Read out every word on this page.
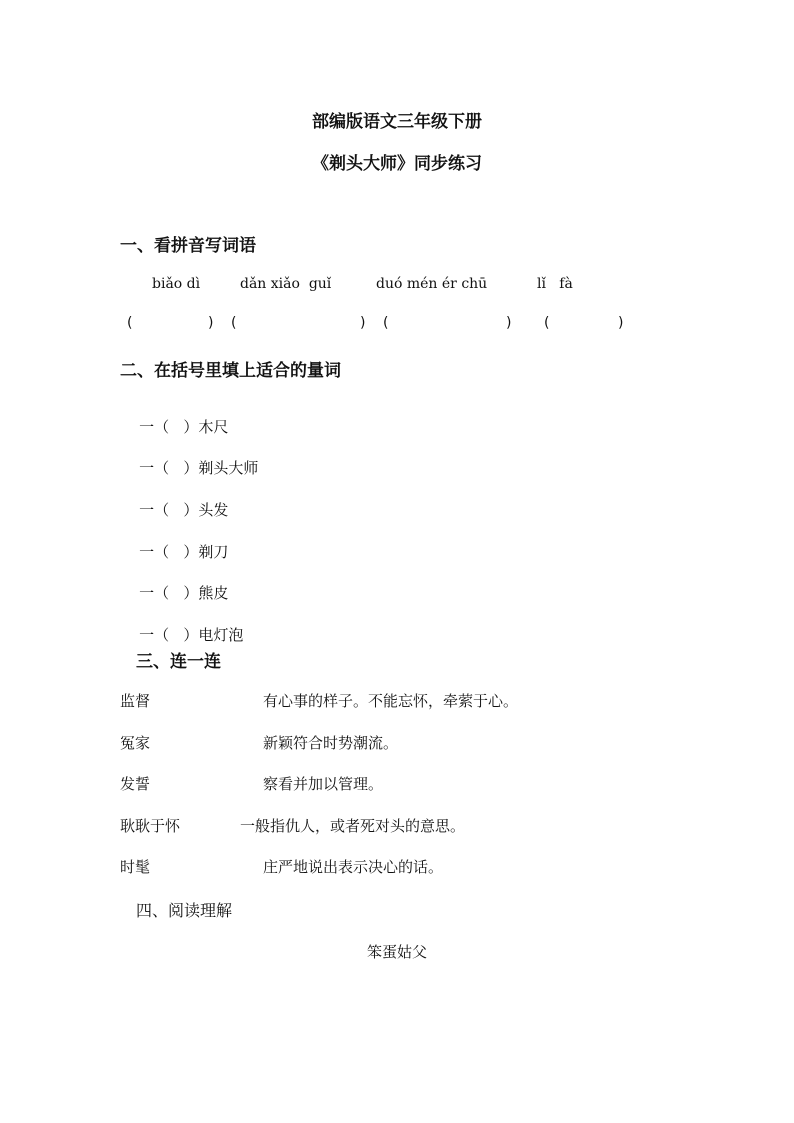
部编版语文三年级下册
《剃头大师》同步练习
一、看拼音写词语
biǎo dì	dǎn xiǎo  guǐ	duó mén ér chū	lǐ   fà
(	) (	) (	) (	)
二、在括号里填上适合的量词

一（   ）木尺

一（   ）剃头大师

一（   ）头发

一（   ）剃刀

一（   ）熊皮

一（   ）电灯泡

三、连一连
监督	有心事的样子。不能忘怀，牵萦于心。
冤家	新颖符合时势潮流。
发誓	察看并加以管理。
耿耿于怀	一般指仇人，或者死对头的意思。
时髦	庄严地说出表示决心的话。
四、阅读理解
笨蛋姑父
